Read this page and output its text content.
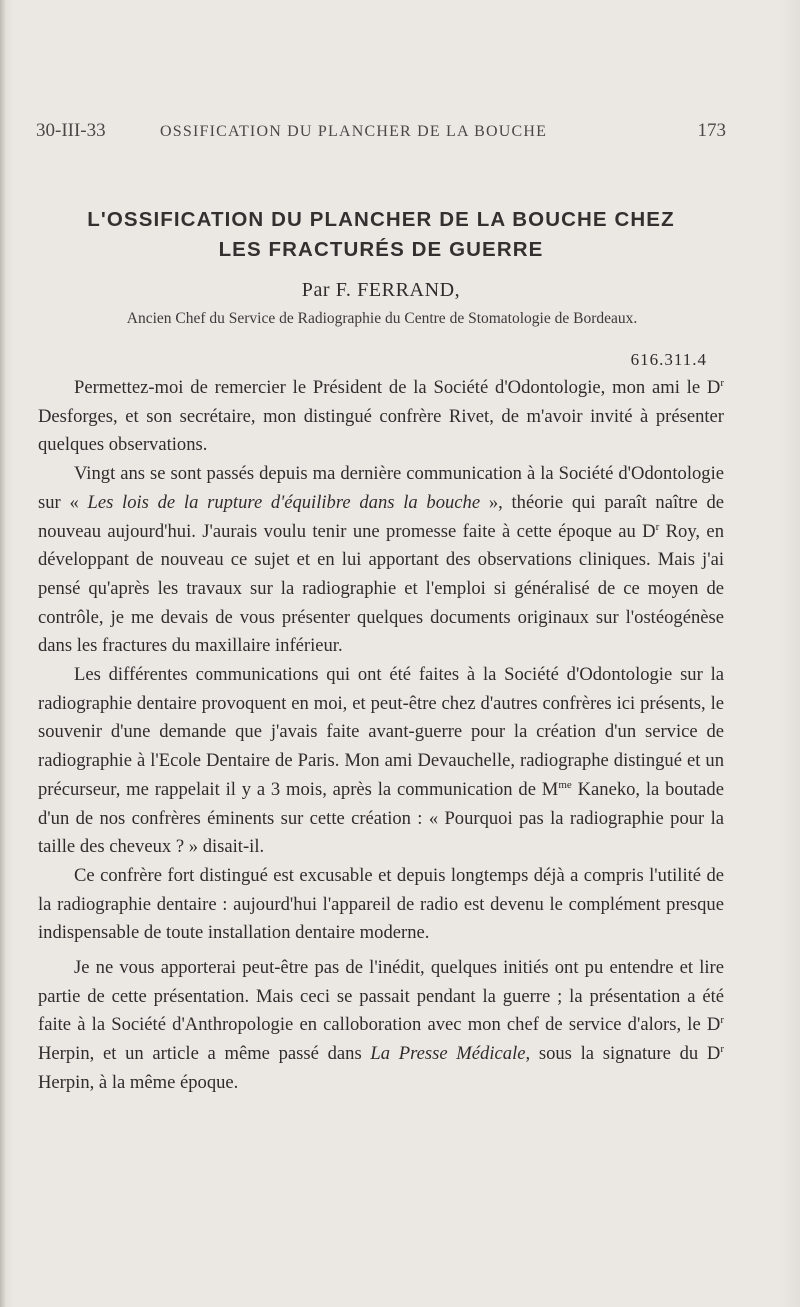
30-III-33	OSSIFICATION DU PLANCHER DE LA BOUCHE	173
L'OSSIFICATION DU PLANCHER DE LA BOUCHE CHEZ
LES FRACTURÉS DE GUERRE
Par F. FERRAND,
Ancien Chef du Service de Radiographie du Centre de Stomatologie de Bordeaux.
616.311.4

Permettez-moi de remercier le Président de la Société d'Odontologie, mon ami le $D^r$ Desforges, et son secrétaire, mon distingué confrère Rivet, de m'avoir invité à présenter quelques observations.

Vingt ans se sont passés depuis ma dernière communication à la Société d'Odontologie sur « Les lois de la rupture d'équilibre dans la bouche », théorie qui paraît naître de nouveau aujourd'hui. J'aurais voulu tenir une promesse faite à cette époque au $D^r$ Roy, en développant de nouveau ce sujet et en lui apportant des observations cliniques. Mais j'ai pensé qu'après les travaux sur la radiographie et l'emploi si généralisé de ce moyen de contrôle, je me devais de vous présenter quelques documents originaux sur l'ostéogénèse dans les fractures du maxillaire inférieur.

Les différentes communications qui ont été faites à la Société d'Odontologie sur la radiographie dentaire provoquent en moi, et peut-être chez d'autres confrères ici présents, le souvenir d'une demande que j'avais faite avant-guerre pour la création d'un service de radiographie à l'Ecole Dentaire de Paris. Mon ami Devauchelle, radiographe distingué et un précurseur, me rappelait il y a 3 mois, après la communication de $M^{me}$ Kaneko, la boutade d'un de nos confrères éminents sur cette création : « Pourquoi pas la radiographie pour la taille des cheveux ? » disait-il.

Ce confrère fort distingué est excusable et depuis longtemps déjà a compris l'utilité de la radiographie dentaire : aujourd'hui l'appareil de radio est devenu le complément presque indispensable de toute installation dentaire moderne.

Je ne vous apporterai peut-être pas de l'inédit, quelques initiés ont pu entendre et lire partie de cette présentation. Mais ceci se passait pendant la guerre ; la présentation a été faite à la Société d'Anthropologie en calloboration avec mon chef de service d'alors, le $D^r$ Herpin, et un article a même passé dans La Presse Médicale, sous la signature du $D^r$ Herpin, à la même époque.
